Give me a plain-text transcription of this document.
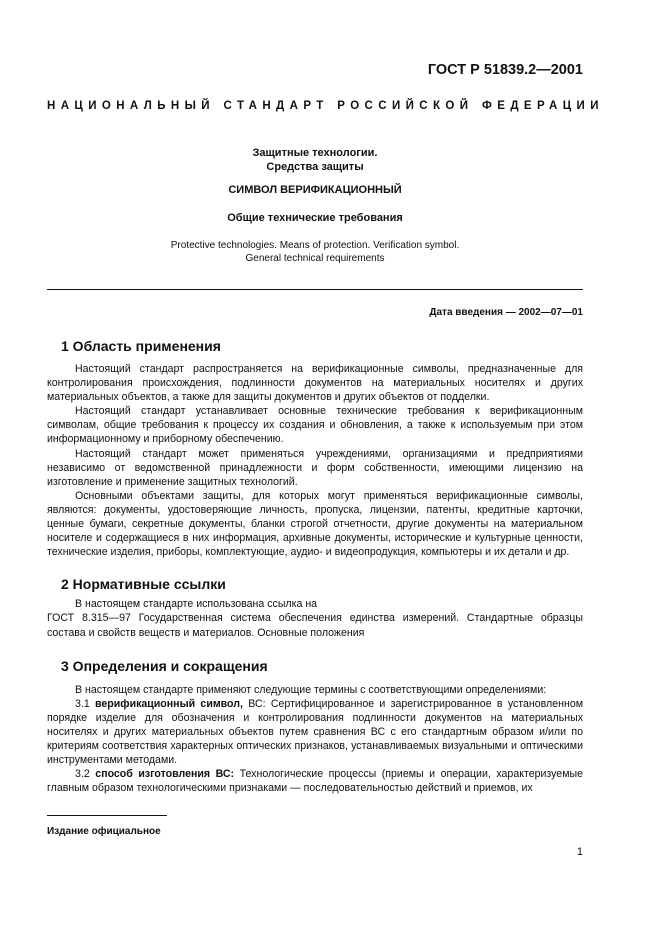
ГОСТ Р 51839.2—2001
НАЦИОНАЛЬНЫЙ СТАНДАРТ РОССИЙСКОЙ ФЕДЕРАЦИИ
Защитные технологии.
Средства защиты
СИМВОЛ ВЕРИФИКАЦИОННЫЙ
Общие технические требования
Protective technologies. Means of protection. Verification symbol.
General technical requirements
Дата введения — 2002—07—01
1 Область применения

Настоящий стандарт распространяется на верификационные символы, предназначенные для контролирования происхождения, подлинности документов на материальных носителях и других материальных объектов, а также для защиты документов и других объектов от подделки.

Настоящий стандарт устанавливает основные технические требования к верификационным символам, общие требования к процессу их создания и обновления, а также к используемым при этом информационному и приборному обеспечению.

Настоящий стандарт может применяться учреждениями, организациями и предприятиями независимо от ведомственной принадлежности и форм собственности, имеющими лицензию на изготовление и применение защитных технологий.

Основными объектами защиты, для которых могут применяться верификационные символы, являются: документы, удостоверяющие личность, пропуска, лицензии, патенты, кредитные карточки, ценные бумаги, секретные документы, бланки строгой отчетности, другие документы на материальном носителе и содержащиеся в них информация, архивные документы, исторические и культурные ценности, технические изделия, приборы, комплектующие, аудио- и видеопродукция, компьютеры и их детали и др.

2 Нормативные ссылки

В настоящем стандарте использована ссылка на

ГОСТ 8.315—97 Государственная система обеспечения единства измерений. Стандартные образцы состава и свойств веществ и материалов. Основные положения

3 Определения и сокращения

В настоящем стандарте применяют следующие термины с соответствующими определениями:

3.1 верификационный символ, ВС: Сертифицированное и зарегистрированное в установленном порядке изделие для обозначения и контролирования подлинности документов на материальных носителях и других материальных объектов путем сравнения ВС с его стандартным образом и/или по критериям соответствия характерных оптических признаков, устанавливаемых визуальными и оптическими инструментами методами.

3.2 способ изготовления ВС: Технологические процессы (приемы и операции, характеризуемые главным образом технологическими признаками — последовательностью действий и приемов, их

Издание официальное
1
